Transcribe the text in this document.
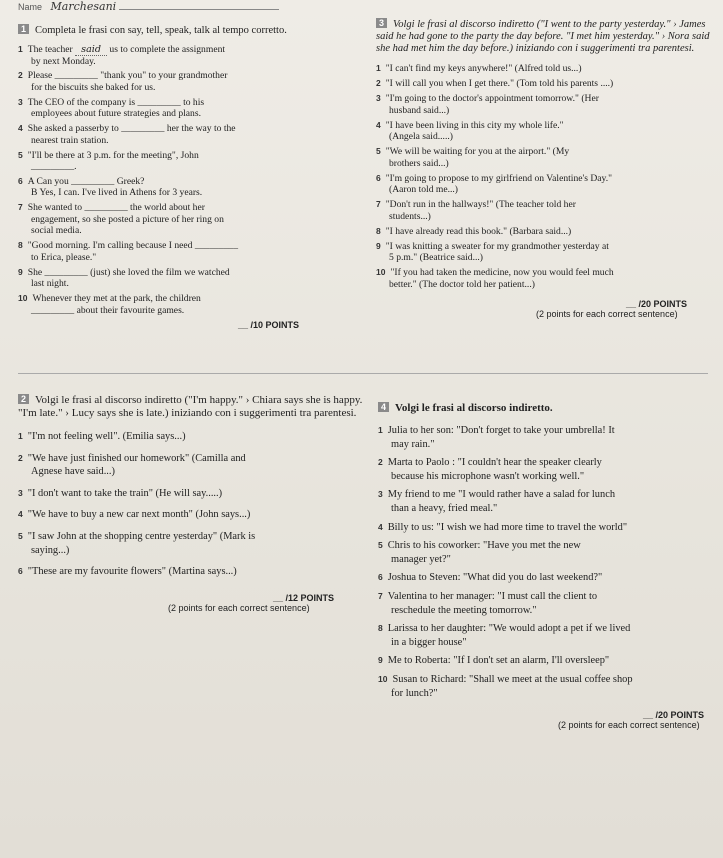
Name Marchesani
1 Completa le frasi con say, tell, speak, talk al tempo corretto.
1 The teacher said us to complete the assignment
by next Monday.
2 Please _________ "thank you" to your grandmother
for the biscuits she baked for us.
3 The CEO of the company is _________ to his
employees about future strategies and plans.
4 She asked a passerby to _________ her the way to the
nearest train station.
5 "I'll be there at 3 p.m. for the meeting", John
_________.
6 A Can you _________ Greek?
B Yes, I can. I've lived in Athens for 3 years.
7 She wanted to _________ the world about her
engagement, so she posted a picture of her ring on
social media.
8 "Good morning. I'm calling because I need _________
to Erica, please."
9 She _________ (just) she loved the film we watched
last night.
10 Whenever they met at the park, the children
_________ about their favourite games.
__ /10 POINTS
3 Volgi le frasi al discorso indiretto ("I went to the party yesterday." › James said he had gone to the party the day before. "I met him yesterday." › Nora said she had met him the day before.) iniziando con i suggerimenti tra parentesi.
1 "I can't find my keys anywhere!" (Alfred told us...)
2 "I will call you when I get there." (Tom told his parents ....)
3 "I'm going to the doctor's appointment tomorrow." (Her
husband said...)
4 "I have been living in this city my whole life."
(Angela said.....)
5 "We will be waiting for you at the airport." (My
brothers said...)
6 "I'm going to propose to my girlfriend on Valentine's Day."
(Aaron told me...)
7 "Don't run in the hallways!" (The teacher told her
students...)
8 "I have already read this book." (Barbara said...)
9 "I was knitting a sweater for my grandmother yesterday at
5 p.m." (Beatrice said...)
10 "If you had taken the medicine, now you would feel much
better." (The doctor told her patient...)
__ /20 POINTS
(2 points for each correct sentence)
2 Volgi le frasi al discorso indiretto ("I'm happy." › Chiara says she is happy. "I'm late." › Lucy says she is late.) iniziando con i suggerimenti tra parentesi.
1 "I'm not feeling well". (Emilia says...)
2 "We have just finished our homework" (Camilla and
Agnese have said...)
3 "I don't want to take the train" (He will say.....)
4 "We have to buy a new car next month" (John says...)
5 "I saw John at the shopping centre yesterday" (Mark is
saying...)
6 "These are my favourite flowers" (Martina says...)
__ /12 POINTS
(2 points for each correct sentence)
4 Volgi le frasi al discorso indiretto.
1 Julia to her son: "Don't forget to take your umbrella! It
may rain."
2 Marta to Paolo : "I couldn't hear the speaker clearly
because his microphone wasn't working well."
3 My friend to me "I would rather have a salad for lunch
than a heavy, fried meal."
4 Billy to us: "I wish we had more time to travel the world"
5 Chris to his coworker: "Have you met the new
manager yet?"
6 Joshua to Steven: "What did you do last weekend?"
7 Valentina to her manager: "I must call the client to
reschedule the meeting tomorrow."
8 Larissa to her daughter: "We would adopt a pet if we lived
in a bigger house"
9 Me to Roberta: "If I don't set an alarm, I'll oversleep"
10 Susan to Richard: "Shall we meet at the usual coffee shop
for lunch?"
__ /20 POINTS
(2 points for each correct sentence)
